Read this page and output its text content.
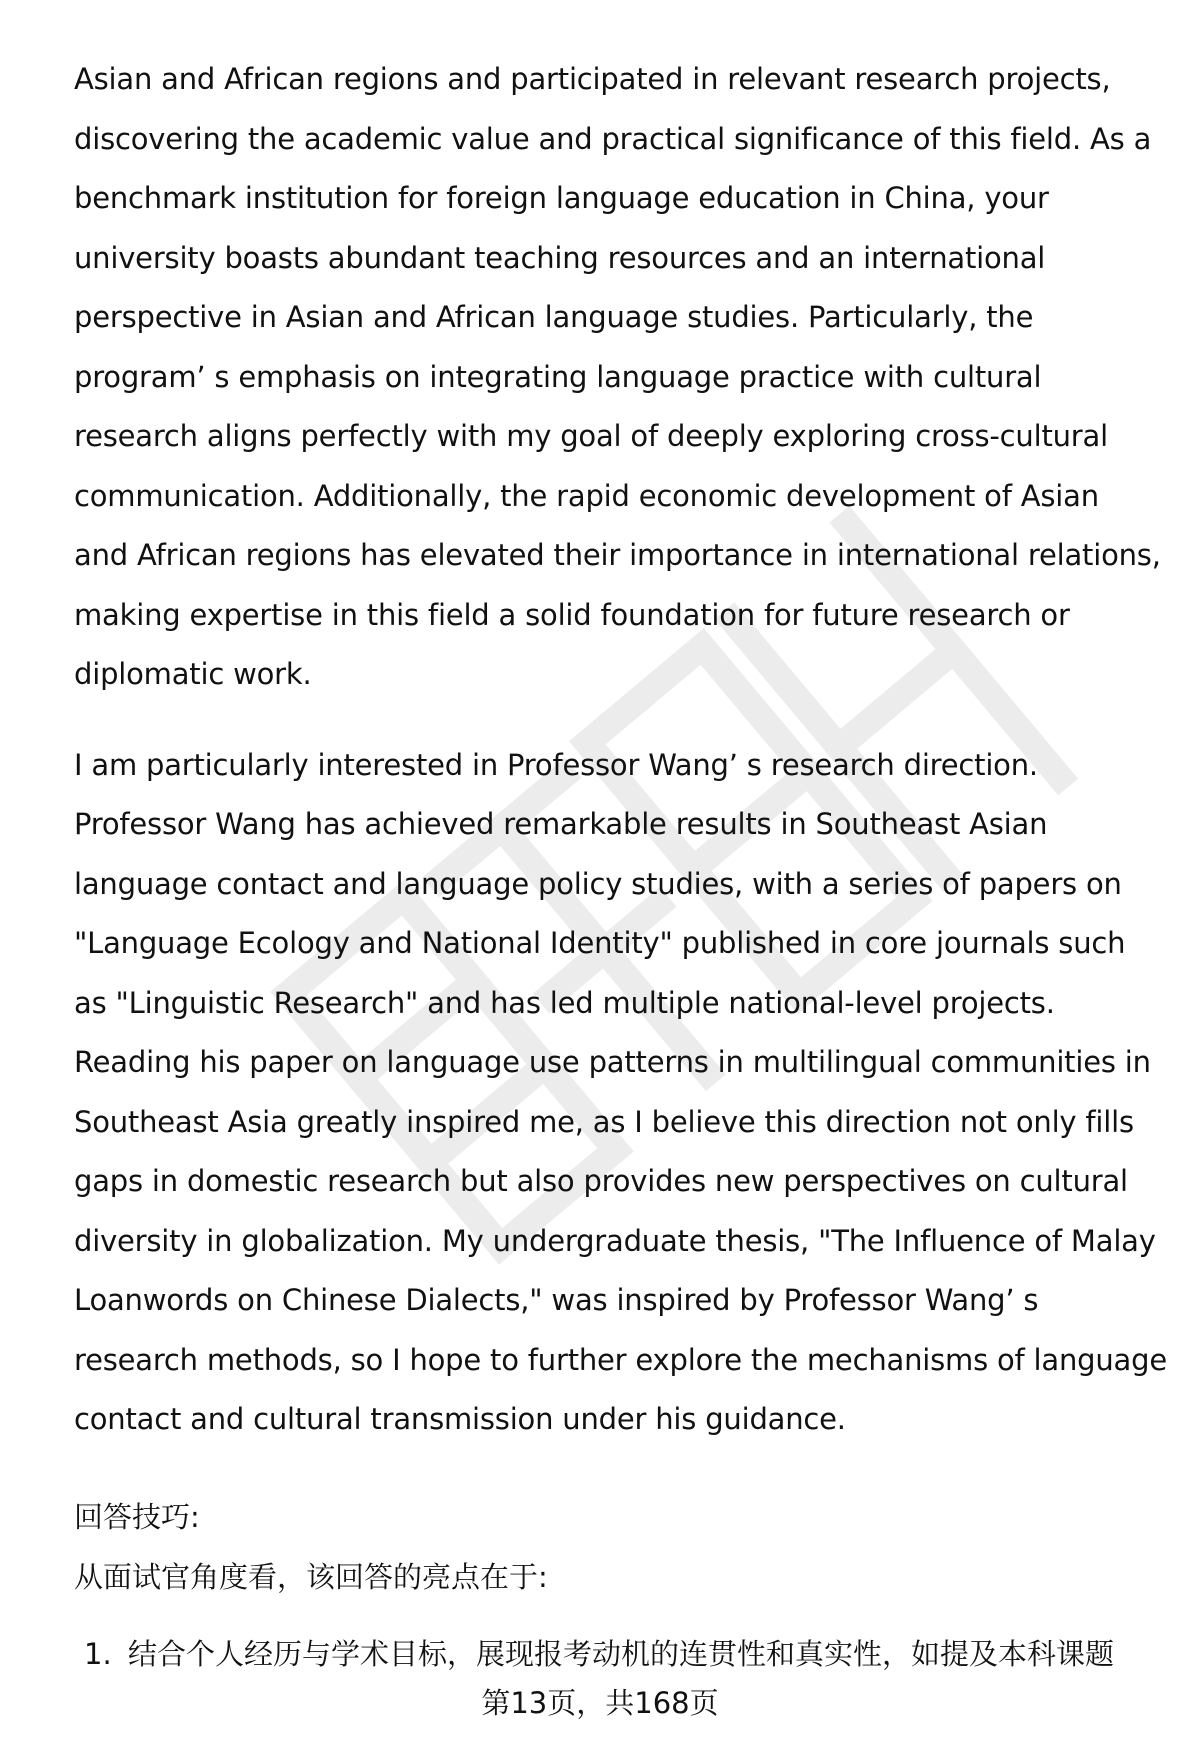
Asian and African regions and participated in relevant research projects,
discovering the academic value and practical significance of this field. As a
benchmark institution for foreign language education in China, your
university boasts abundant teaching resources and an international
perspective in Asian and African language studies. Particularly, the
program’ s emphasis on integrating language practice with cultural
research aligns perfectly with my goal of deeply exploring cross-cultural
communication. Additionally, the rapid economic development of Asian
and African regions has elevated their importance in international relations,
making expertise in this field a solid foundation for future research or
diplomatic work.

I am particularly interested in Professor Wang’ s research direction.
Professor Wang has achieved remarkable results in Southeast Asian
language contact and language policy studies, with a series of papers on
"Language Ecology and National Identity" published in core journals such
as "Linguistic Research" and has led multiple national-level projects.
Reading his paper on language use patterns in multilingual communities in
Southeast Asia greatly inspired me, as I believe this direction not only fills
gaps in domestic research but also provides new perspectives on cultural
diversity in globalization. My undergraduate thesis, "The Influence of Malay
Loanwords on Chinese Dialects," was inspired by Professor Wang’ s
research methods, so I hope to further explore the mechanisms of language
contact and cultural transmission under his guidance.

回答技巧:
从面试官角度看，该回答的亮点在于:
1. 结合个人经历与学术目标，展现报考动机的连贯性和真实性，如提及本科课题
第13页，共168页
